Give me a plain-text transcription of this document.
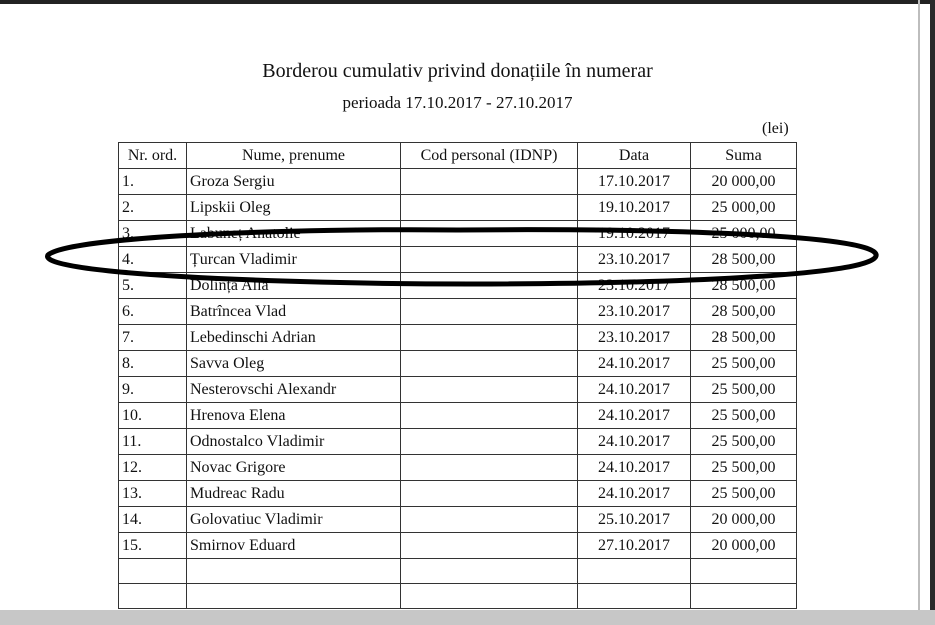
Borderou cumulativ privind donațiile în numerar
perioada 17.10.2017 - 27.10.2017
(lei)
Nr. ord.	Nume, prenume	Cod personal (IDNP)	Data	Suma
1.	Groza Sergiu		17.10.2017	20 000,00
2.	Lipskii Oleg		19.10.2017	25 000,00
3.	Labuneț Anatolie		19.10.2017	25 000,00
4.	Țurcan Vladimir		23.10.2017	28 500,00
5.	Dolința Alla		23.10.2017	28 500,00
6.	Batrîncea Vlad		23.10.2017	28 500,00
7.	Lebedinschi Adrian		23.10.2017	28 500,00
8.	Savva Oleg		24.10.2017	25 500,00
9.	Nesterovschi Alexandr		24.10.2017	25 500,00
10.	Hrenova Elena		24.10.2017	25 500,00
11.	Odnostalco Vladimir		24.10.2017	25 500,00
12.	Novac Grigore		24.10.2017	25 500,00
13.	Mudreac Radu		24.10.2017	25 500,00
14.	Golovatiuc Vladimir		25.10.2017	20 000,00
15.	Smirnov Eduard		27.10.2017	20 000,00
